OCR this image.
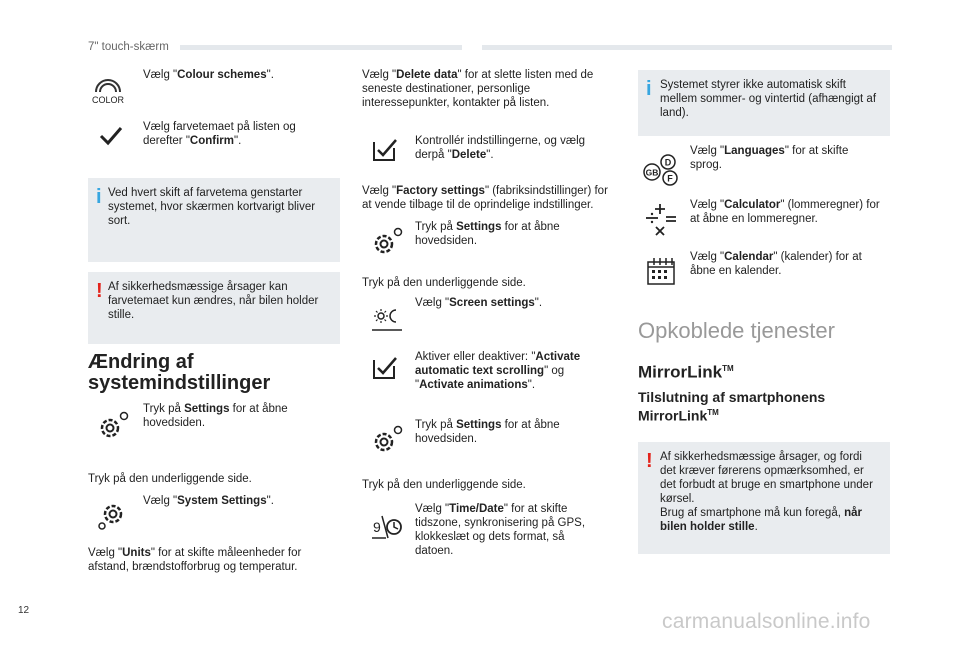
7" touch-skærm
COLOR
Vælg "Colour schemes".
Vælg farvetemaet på listen og derefter "Confirm".
i Ved hvert skift af farvetema genstarter systemet, hvor skærmen kortvarigt bliver sort.
! Af sikkerhedsmæssige årsager kan farvetemaet kun ændres, når bilen holder stille.
Ændring af systemindstillinger
Tryk på Settings for at åbne hovedsiden.
Tryk på den underliggende side.
Vælg "System Settings".
Vælg "Units" for at skifte måleenheder for afstand, brændstofforbrug og temperatur.
Vælg "Delete data" for at slette listen med de seneste destinationer, personlige interessepunkter, kontakter på listen.
Kontrollér indstillingerne, og vælg derpå "Delete".
Vælg "Factory settings" (fabriksindstillinger) for at vende tilbage til de oprindelige indstillinger.
Tryk på Settings for at åbne hovedsiden.
Tryk på den underliggende side.
Vælg "Screen settings".
Aktiver eller deaktiver: "Activate automatic text scrolling" og "Activate animations".
Tryk på Settings for at åbne hovedsiden.
Tryk på den underliggende side.
9
Vælg "Time/Date" for at skifte tidszone, synkronisering på GPS, klokkeslæt og dets format, så datoen.
i Systemet styrer ikke automatisk skift mellem sommer- og vintertid (afhængigt af land).
D
GB
F
Vælg "Languages" for at skifte sprog.
Vælg "Calculator" (lommeregner) for at åbne en lommeregner.
Vælg "Calendar" (kalender) for at åbne en kalender.
Opkoblede tjenester
MirrorLink™
Tilslutning af smartphonens MirrorLink™
! Af sikkerhedsmæssige årsager, og fordi det kræver førerens opmærksomhed, er det forbudt at bruge en smartphone under kørsel.
Brug af smartphone må kun foregå, når bilen holder stille.
12	carmanualsonline.info
